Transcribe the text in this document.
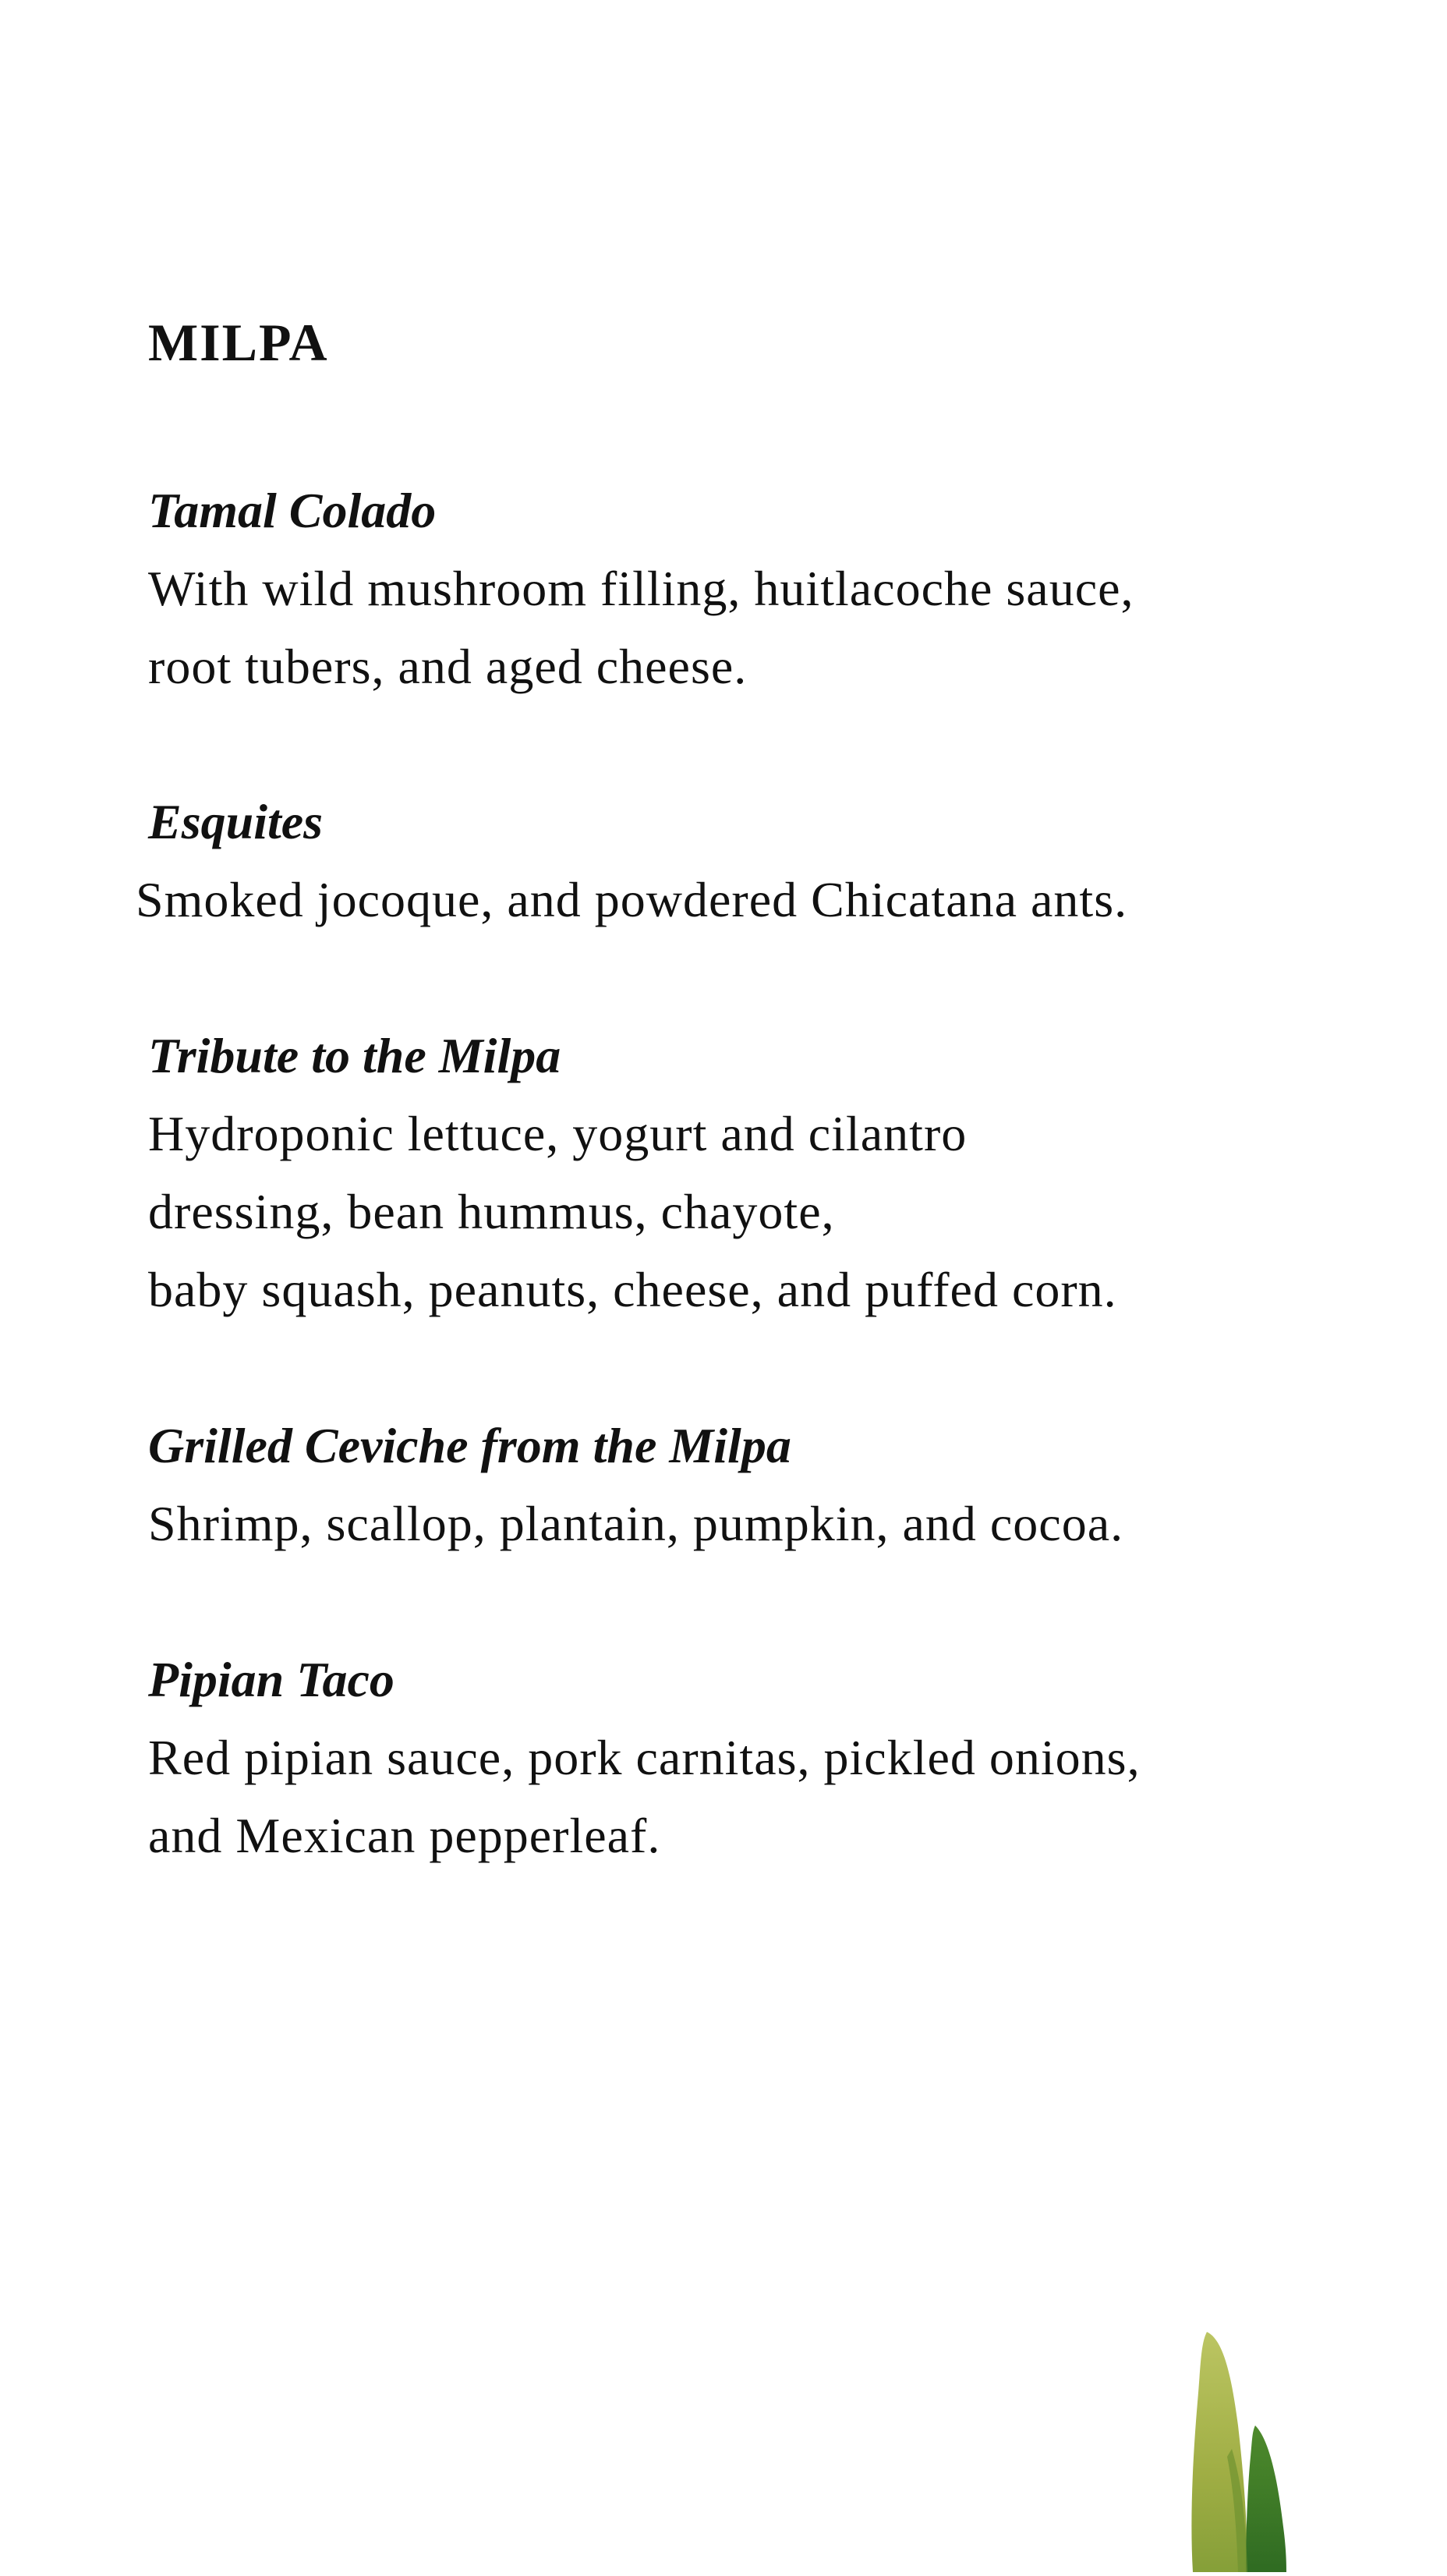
MILPA

Tamal Colado

With wild mushroom filling, huitlacoche sauce,
root tubers, and aged cheese.

Esquites

Smoked jocoque, and powdered Chicatana ants.

Tribute to the Milpa

Hydroponic lettuce, yogurt and cilantro
dressing, bean hummus, chayote,
baby squash, peanuts, cheese, and puffed corn.

Grilled Ceviche from the Milpa

Shrimp, scallop, plantain, pumpkin, and cocoa.

Pipian Taco

Red pipian sauce, pork carnitas, pickled onions,
and Mexican pepperleaf.
